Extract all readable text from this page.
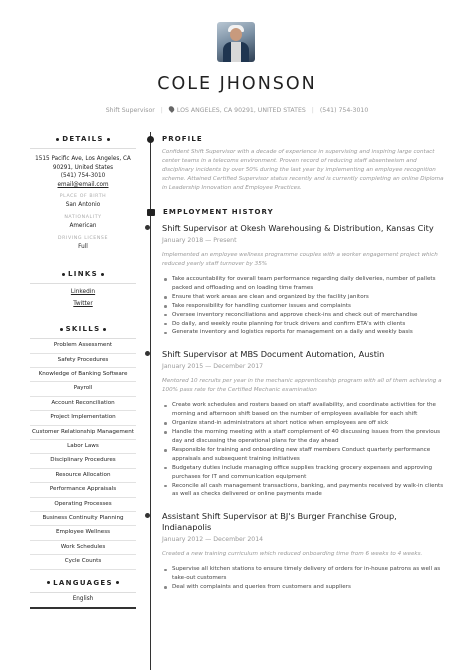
COLE JHONSON
Shift Supervisor |	LOS ANGELES, CA 90291, UNITED STATES | (541) 754-3010
DETAILS
1515 Pacific Ave, Los Angeles, CA
90291, United States
(541) 754-3010
email@email.com
PLACE OF BIRTH
San Antonio
NATIONALITY
American
DRIVING LICENSE
Full
LINKS
Linkedin
Twitter
SKILLS
Problem Assessment
Safety Procedures
Knowledge of Banking Software
Payroll
Account Reconciliation
Project Implementation
Customer Relationship Management
Labor Laws
Disciplinary Procedures
Resource Allocation
Performance Appraisals
Operating Processes
Business Continuity Planning
Employee Wellness
Work Schedules
Cycle Counts
LANGUAGES
English
PROFILE
Confident Shift Supervisor with a decade of experience in supervising and inspiring large contact center teams in a telecoms environment. Proven record of reducing staff absenteeism and disciplinary incidents by over 50% during the last year by implementing an employee recognition scheme. Attained Certified Supervisor status recently and is currently completing an online Diploma in Leadership Innovation and Employee Practices.
EMPLOYMENT HISTORY
Shift Supervisor at Okesh Warehousing & Distribution, Kansas City
January 2018 — Present
Implemented an employee wellness programme couples with a worker engagement project which reduced yearly staff turnover by 35%
Take accountability for overall team performance regarding daily deliveries, number of pallets packed and offloading and on loading time frames
Ensure that work areas are clean and organized by the facility janitors
Take responsibility for handling customer issues and complaints
Oversee inventory reconciliations and approve check-ins and check out of merchandise
Do daily, and weekly route planning for truck drivers and confirm ETA's with clients
Generate inventory and logistics reports for management on a daily and weekly basis
Shift Supervisor at MBS Document Automation, Austin
January 2015 — December 2017
Mentored 10 recruits per year in the mechanic apprenticeship program with all of them achieving a 100% pass rate for the Certified Mechanic examination
Create work schedules and rosters based on staff availability, and coordinate activities for the morning and afternoon shift based on the number of employees available for each shift
Organize stand-in administrators at short notice when employees are off sick
Handle the morning meeting with a staff complement of 40 discussing issues from the previous day and discussing the operational plans for the day ahead
Responsible for training and onboarding new staff members Conduct quarterly performance appraisals and subsequent training initiatives
Budgetary duties include managing office supplies tracking grocery expenses and approving purchases for IT and communication equipment
Reconcile all cash management transactions, banking, and payments received by walk-in clients as well as checks delivered or online payments made
Assistant Shift Supervisor at BJ's Burger Franchise Group, Indianapolis
January 2012 — December 2014
Created a new training curriculum which reduced onboarding time from 6 weeks to 4 weeks.
Supervise all kitchen stations to ensure timely delivery of orders for in-house patrons as well as take-out customers
Deal with complaints and queries from customers and suppliers
